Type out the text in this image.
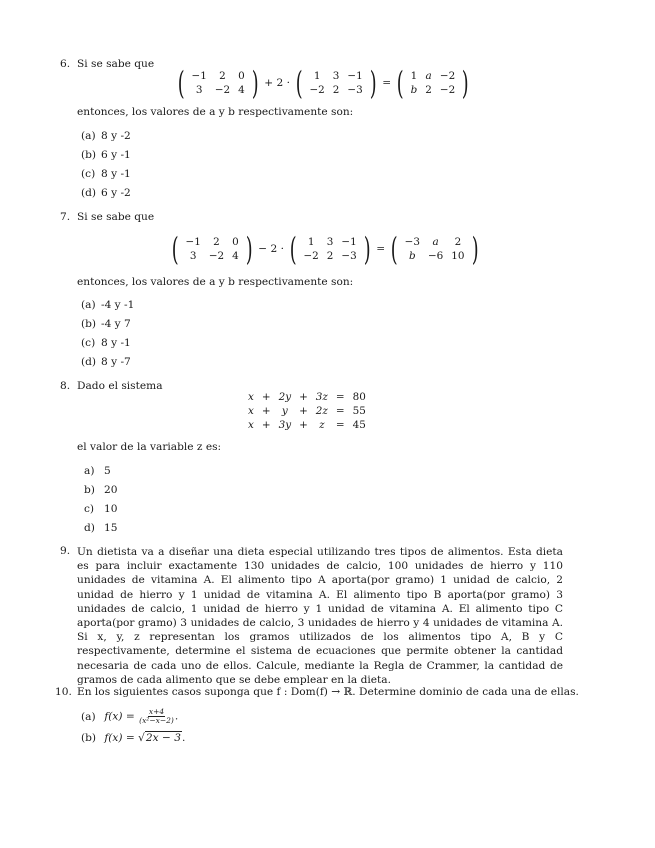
6. Si se sabe que ( −1	2	0
3	−2	4 ) + 2 · ( 1	3	−1
−2	2	−3 ) = ( 1	a	−2
b	2	−2 )
entonces, los valores de a y b respectivamente son:
(a) 8 y -2
(b) 6 y -1
(c) 8 y -1
(d) 6 y -2
7. Si se sabe que
( −1	2	0
3	−2	4 ) − 2 · ( 1	3	−1
−2	2	−3 ) = ( −3	a	2
b	−6	10 )
entonces, los valores de a y b respectivamente son:
(a) -4 y -1
(b) -4 y 7
(c) 8 y -1
(d) 8 y -7
8. Dado el sistema
x	+	2y	+	3z	=	80
x	+	y	+	2z	=	55
x	+	3y	+	z	=	45
el valor de la variable z es:
a) 5
b) 20
c) 10
d) 15
9. Un dietista va a diseñar una dieta especial utilizando tres tipos de alimentos. Esta dieta es para incluir exactamente 130 unidades de calcio, 100 unidades de hierro y 110 unidades de vitamina A. El alimento tipo A aporta(por gramo) 1 unidad de calcio, 2 unidad de hierro y 1 unidad de vitamina A. El alimento tipo B aporta(por gramo) 3 unidades de calcio, 1 unidad de hierro y 1 unidad de vitamina A. El alimento tipo C aporta(por gramo) 3 unidades de calcio, 3 unidades de hierro y 4 unidades de vitamina A. Si x, y, z representan los gramos utilizados de los alimentos tipo A, B y C respectivamente, determine el sistema de ecuaciones que permite obtener la cantidad necesaria de cada uno de ellos. Calcule, mediante la Regla de Crammer, la cantidad de gramos de cada alimento que se debe emplear en la dieta.
10. En los siguientes casos suponga que f : Dom(f) → ℝ. Determine dominio de cada una de ellas.
(a) $f(x) = \frac{x+4}{\text{(x²−x−2)}}$ .
(b) f(x) = √2x − 3.
